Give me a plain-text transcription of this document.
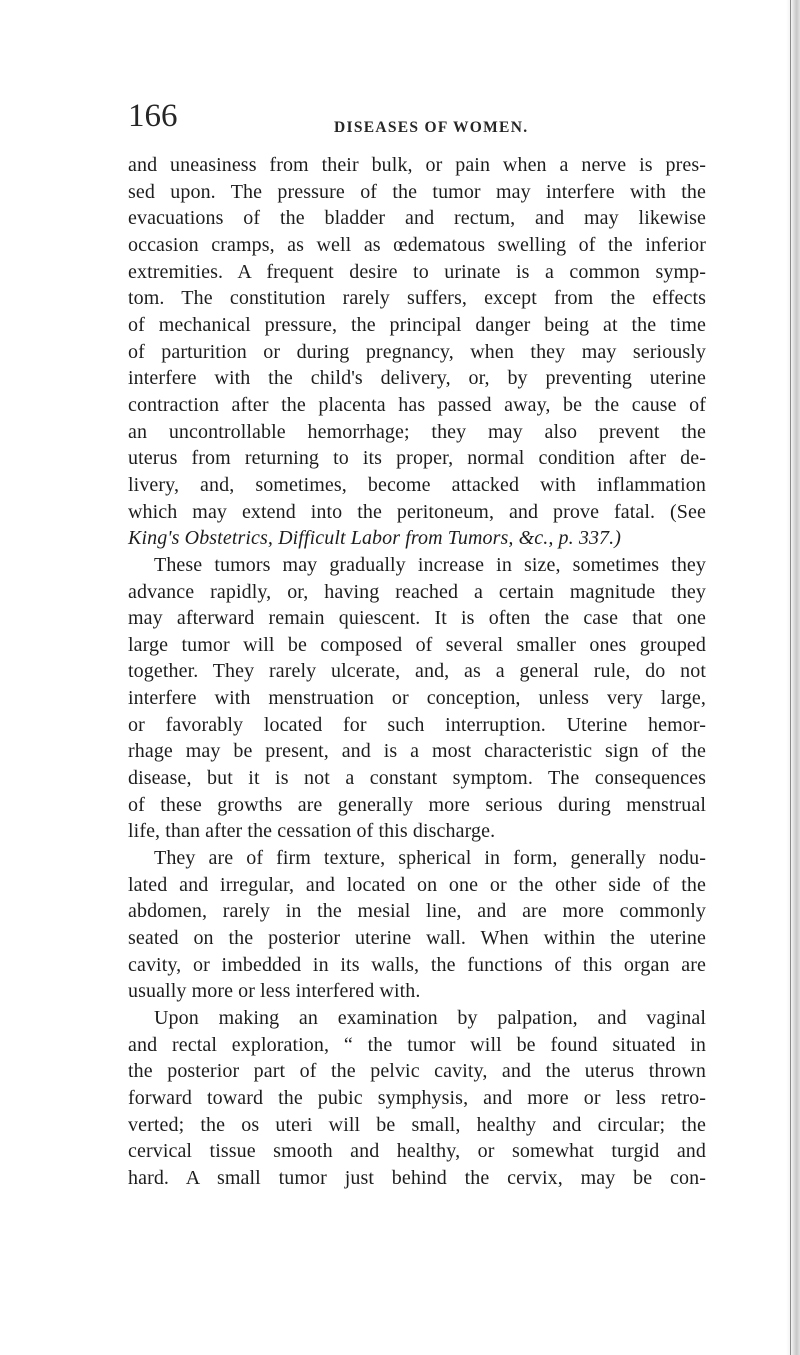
166	DISEASES OF WOMEN.
and uneasiness from their bulk, or pain when a nerve is pres-
sed upon. The pressure of the tumor may interfere with the
evacuations of the bladder and rectum, and may likewise
occasion cramps, as well as œdematous swelling of the inferior
extremities. A frequent desire to urinate is a common symp-
tom. The constitution rarely suffers, except from the effects
of mechanical pressure, the principal danger being at the time
of parturition or during pregnancy, when they may seriously
interfere with the child's delivery, or, by preventing uterine
contraction after the placenta has passed away, be the cause of
an uncontrollable hemorrhage; they may also prevent the
uterus from returning to its proper, normal condition after de-
livery, and, sometimes, become attacked with inflammation
which may extend into the peritoneum, and prove fatal. (See
King's Obstetrics, Difficult Labor from Tumors, &c., p. 337.)
These tumors may gradually increase in size, sometimes they
advance rapidly, or, having reached a certain magnitude they
may afterward remain quiescent. It is often the case that one
large tumor will be composed of several smaller ones grouped
together. They rarely ulcerate, and, as a general rule, do not
interfere with menstruation or conception, unless very large,
or favorably located for such interruption. Uterine hemor-
rhage may be present, and is a most characteristic sign of the
disease, but it is not a constant symptom. The consequences
of these growths are generally more serious during menstrual
life, than after the cessation of this discharge.
They are of firm texture, spherical in form, generally nodu-
lated and irregular, and located on one or the other side of the
abdomen, rarely in the mesial line, and are more commonly
seated on the posterior uterine wall. When within the uterine
cavity, or imbedded in its walls, the functions of this organ are
usually more or less interfered with.
Upon making an examination by palpation, and vaginal
and rectal exploration, “ the tumor will be found situated in
the posterior part of the pelvic cavity, and the uterus thrown
forward toward the pubic symphysis, and more or less retro-
verted; the os uteri will be small, healthy and circular; the
cervical tissue smooth and healthy, or somewhat turgid and
hard. A small tumor just behind the cervix, may be con-
